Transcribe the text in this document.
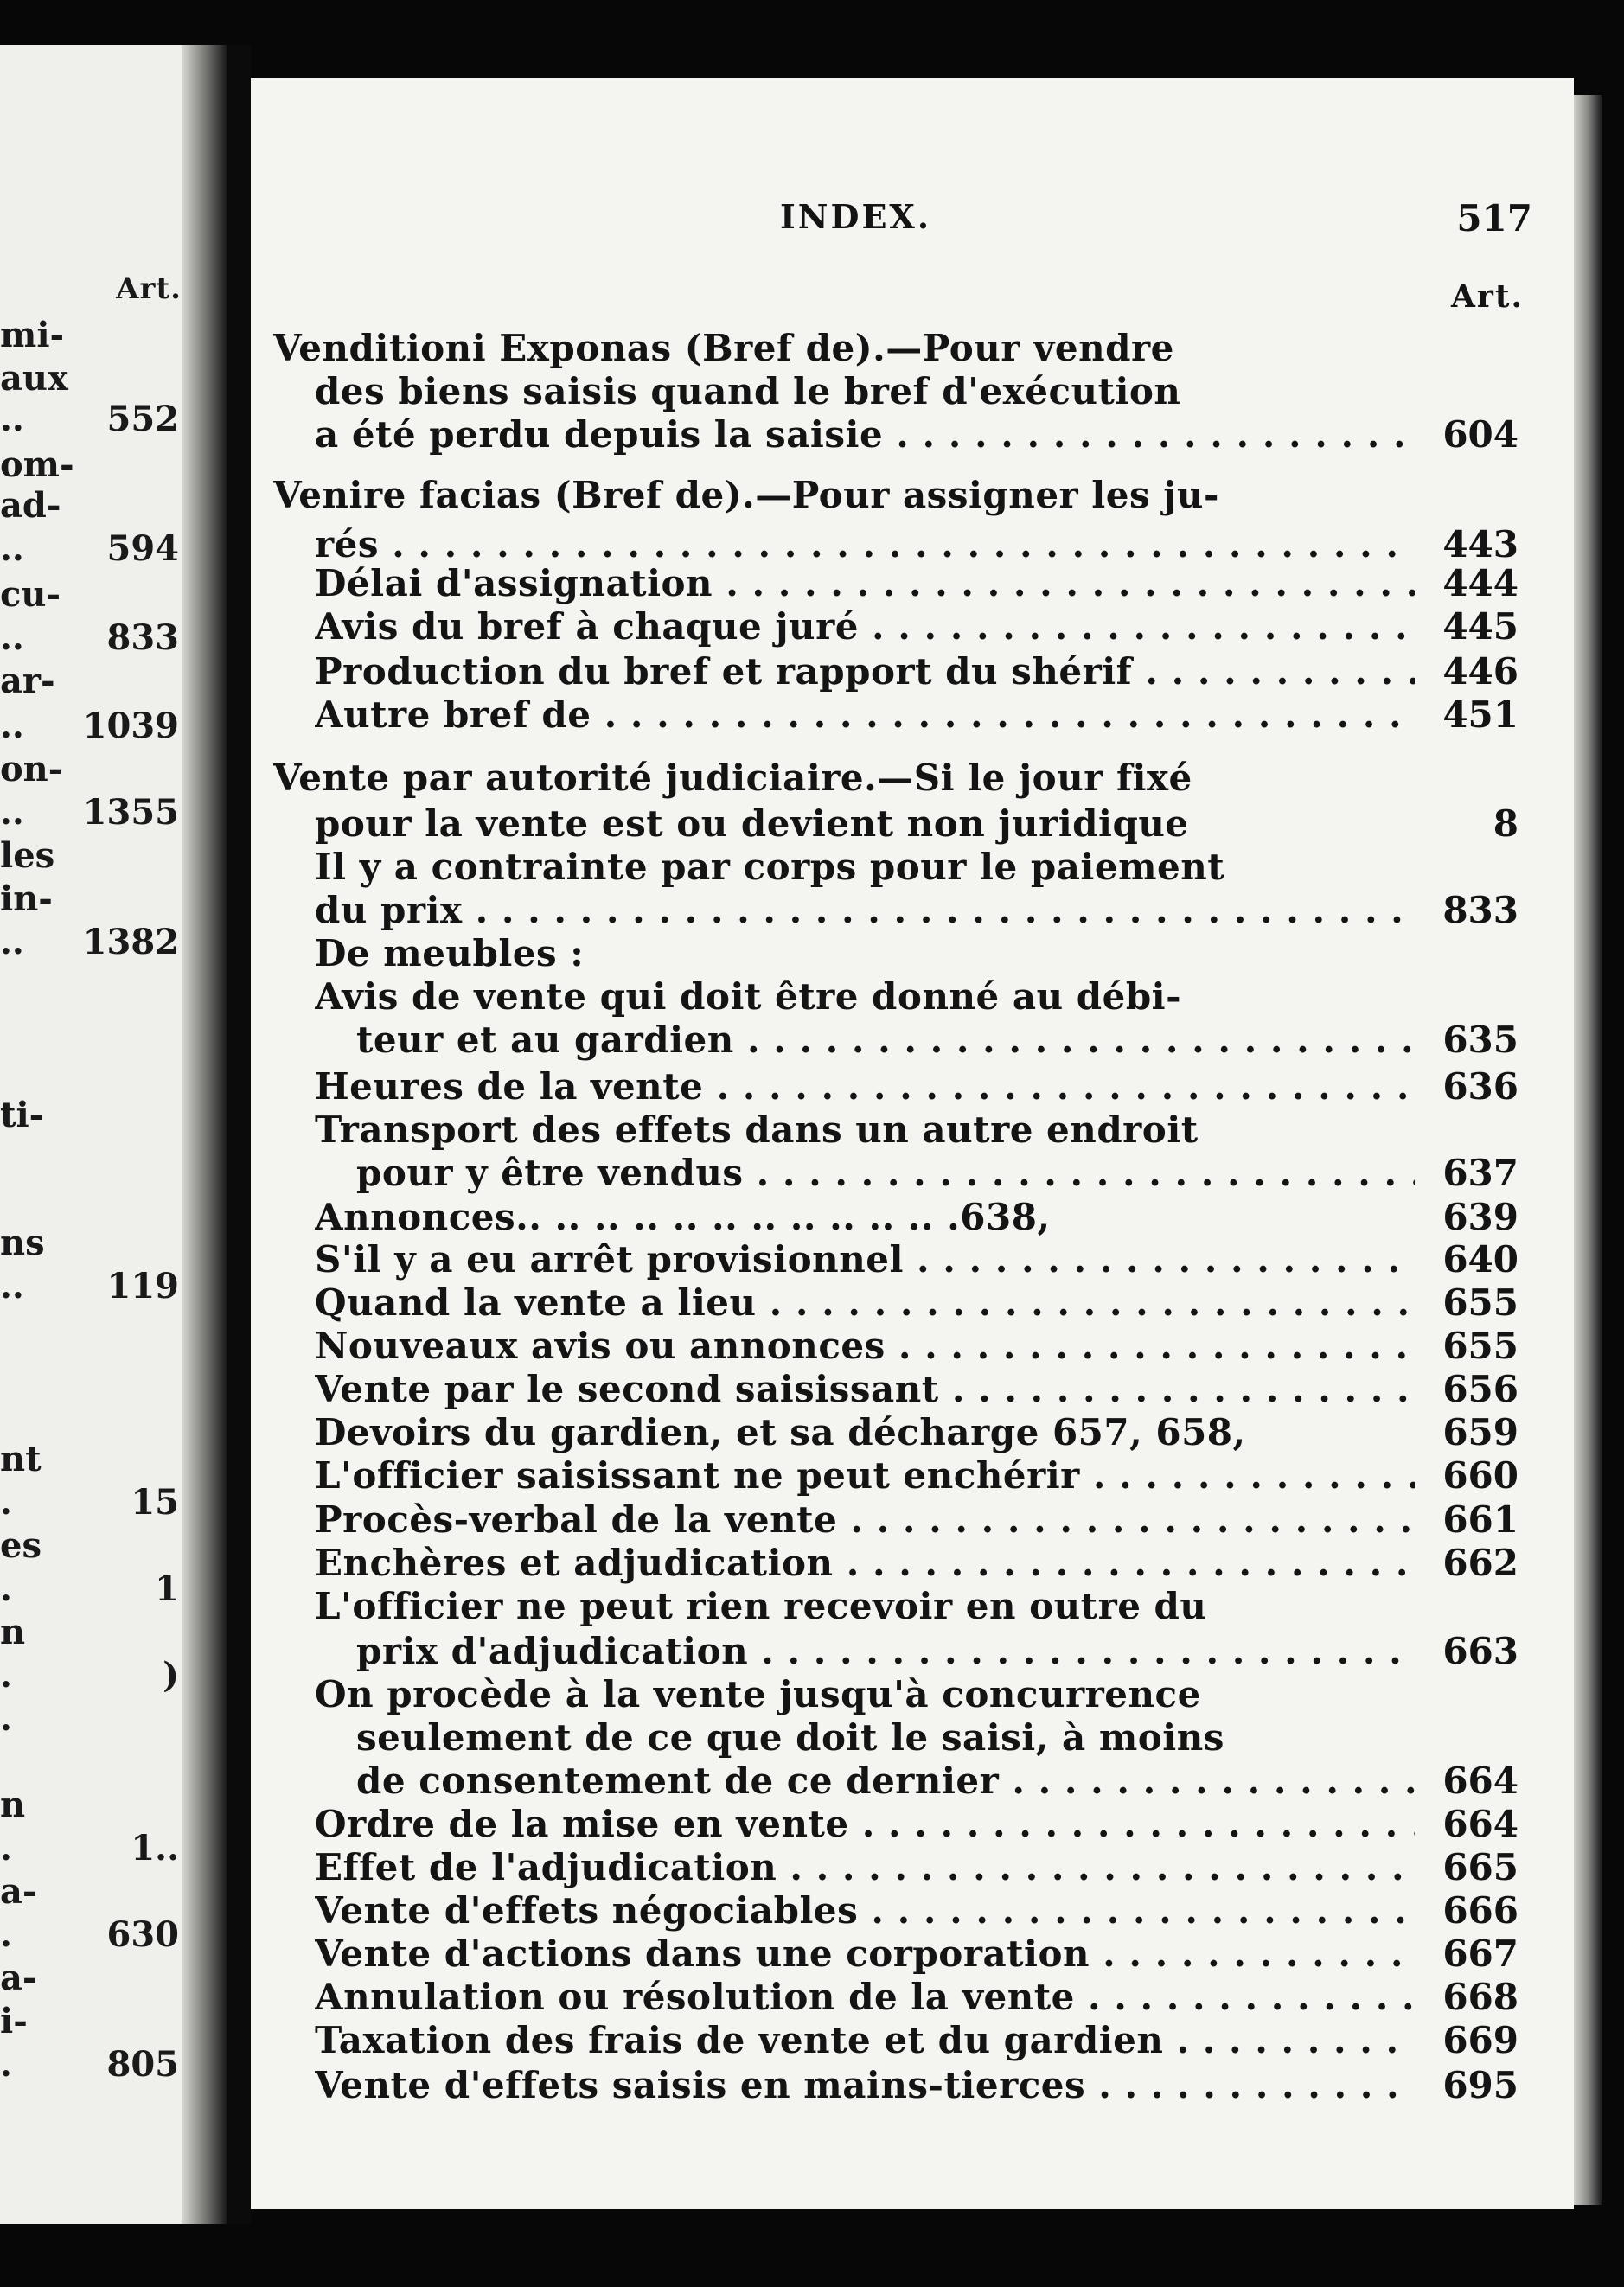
Art.
mi-
aux
.. 552
om-
ad-
.. 594
cu-
.. 833
ar-
.. 1039
on-
.. 1355
les
in-
.. 1382
ti-
ns
.. 119
nt
.	15
es
.	1
n
.	)
.
n
.	1..
a-
.	630
a-
i-
.	805
INDEX.	517
Art.
Venditioni Exponas (Bref de).—Pour vendre
des biens saisis quand le bref d'exécution
a été perdu depuis la saisie . . .	604
Venire facias (Bref de).—Pour assigner les ju-
rés . . .	443
Délai d'assignation . . .	444
Avis du bref à chaque juré . . .	445
Production du bref et rapport du shérif . . .	446
Autre bref de . . .	451
Vente par autorité judiciaire.—Si le jour fixé
pour la vente est ou devient non juridique	8
Il y a contrainte par corps pour le paiement
du prix . . .	833
De meubles :
Avis de vente qui doit être donné au débi-
teur et au gardien . . .	635
Heures de la vente . . .	636
Transport des effets dans un autre endroit
pour y être vendus . . .	637
Annonces.. .. .. .. .. .. .. .. .. .. .. .638,	639
S'il y a eu arrêt provisionnel . . .	640
Quand la vente a lieu . . .	655
Nouveaux avis ou annonces . . .	655
Vente par le second saisissant . . .	656
Devoirs du gardien, et sa décharge 657, 658,	659
L'officier saisissant ne peut enchérir . . .	660
Procès-verbal de la vente . . .	661
Enchères et adjudication . . .	662
L'officier ne peut rien recevoir en outre du
prix d'adjudication . . .	663
On procède à la vente jusqu'à concurrence
seulement de ce que doit le saisi, à moins
de consentement de ce dernier . . .	664
Ordre de la mise en vente . . .	664
Effet de l'adjudication . . .	665
Vente d'effets négociables . . .	666
Vente d'actions dans une corporation . . .	667
Annulation ou résolution de la vente . . .	668
Taxation des frais de vente et du gardien . . .	669
Vente d'effets saisis en mains-tierces . . .	695
